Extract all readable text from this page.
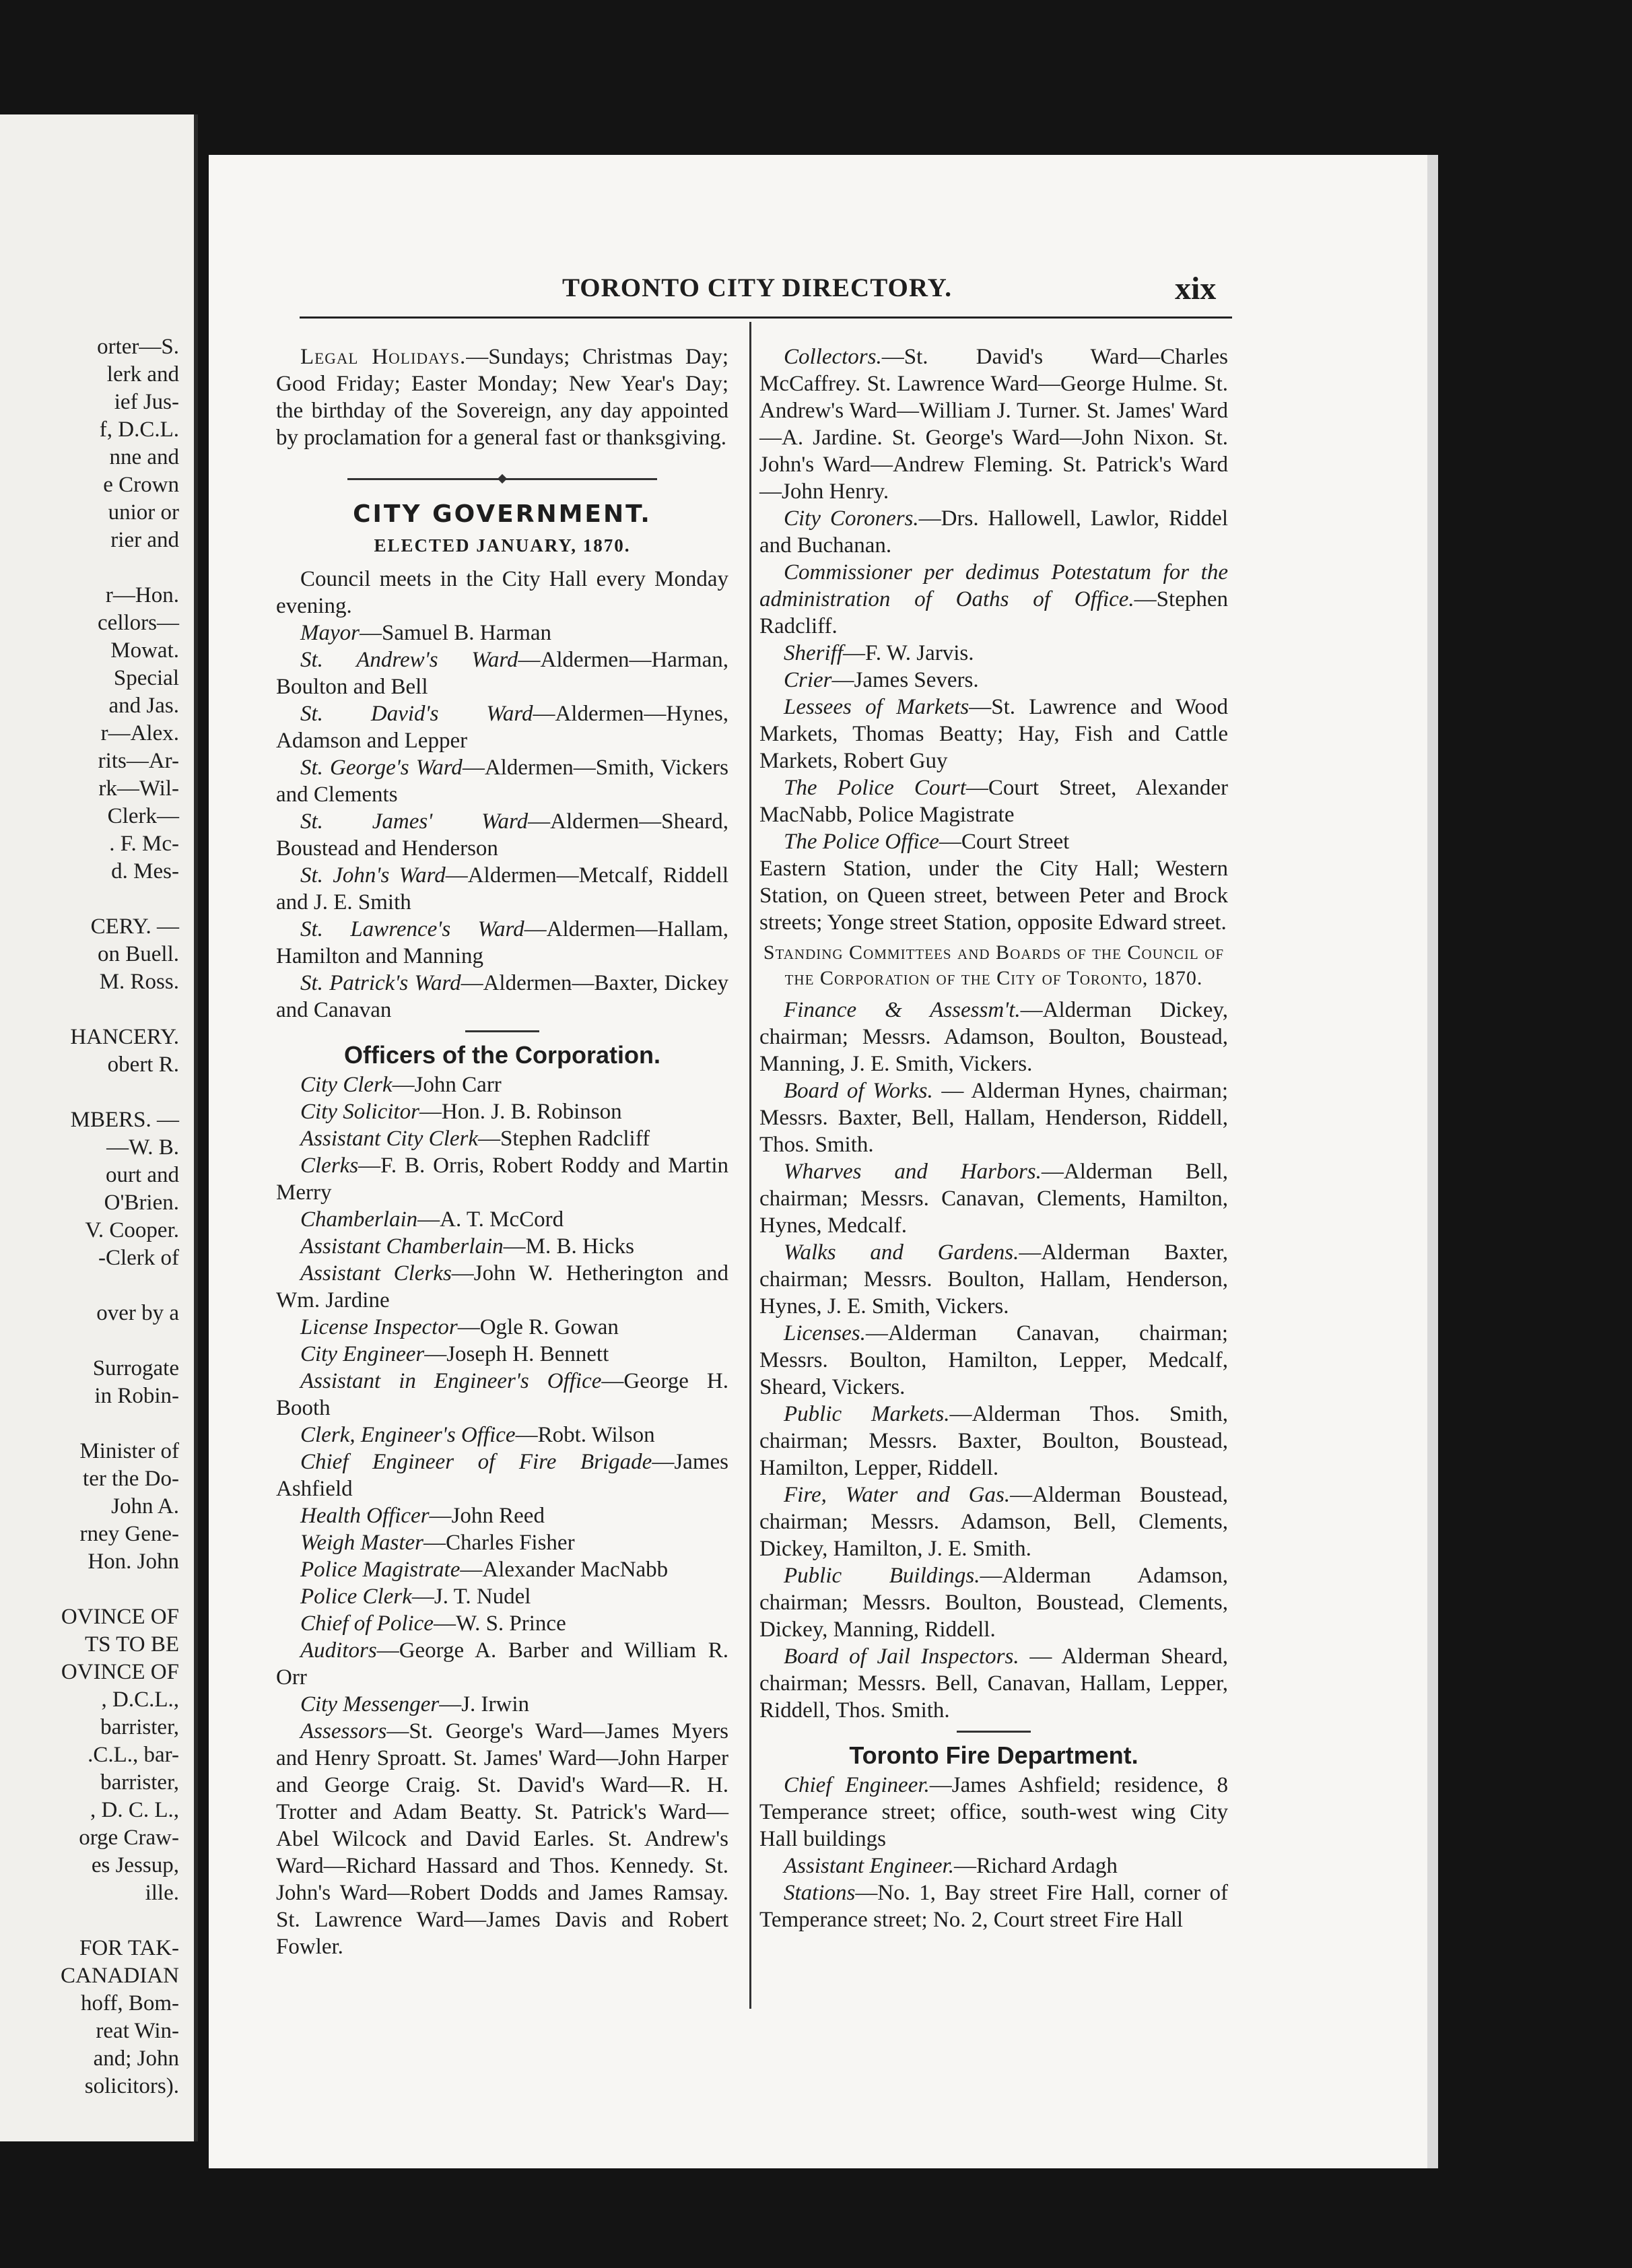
orter—S.
lerk and
ief Jus-
f, D.C.L.
nne and
e Crown
unior or
rier and
r—Hon.
cellors—
Mowat.
Special
and Jas.
r—Alex.
rits—Ar-
rk—Wil-
Clerk—
. F. Mc-
d. Mes-
CERY. —
on Buell.
M. Ross.
HANCERY.
obert R.
MBERS. —
—W. B.
ourt and
O'Brien.
V. Cooper.
-Clerk of
over by a
Surrogate
in Robin-
Minister of
ter the Do-
John A.
rney Gene-
Hon. John
OVINCE OF
TS TO BE
OVINCE OF
, D.C.L.,
barrister,
.C.L., bar-
barrister,
, D. C. L.,
orge Craw-
es Jessup,
ille.
FOR TAK-
CANADIAN
hoff, Bom-
reat Win-
and; John
solicitors).
TORONTO CITY DIRECTORY.	xix

Legal Holidays.—Sundays; Christmas Day; Good Friday; Easter Monday; New Year's Day; the birthday of the Sovereign, any day appointed by proclamation for a general fast or thanksgiving.

CITY GOVERNMENT.
ELECTED JANUARY, 1870.

Council meets in the City Hall every Monday evening.

Mayor—Samuel B. Harman

St. Andrew's Ward—Aldermen—Harman, Boulton and Bell

St. David's Ward—Aldermen—Hynes, Adamson and Lepper

St. George's Ward—Aldermen—Smith, Vickers and Clements

St. James' Ward—Aldermen—Sheard, Boustead and Henderson

St. John's Ward—Aldermen—Metcalf, Riddell and J. E. Smith

St. Lawrence's Ward—Aldermen—Hallam, Hamilton and Manning

St. Patrick's Ward—Aldermen—Baxter, Dickey and Canavan

Officers of the Corporation.

City Clerk—John Carr

City Solicitor—Hon. J. B. Robinson

Assistant City Clerk—Stephen Radcliff

Clerks—F. B. Orris, Robert Roddy and Martin Merry

Chamberlain—A. T. McCord

Assistant Chamberlain—M. B. Hicks

Assistant Clerks—John W. Hetherington and Wm. Jardine

License Inspector—Ogle R. Gowan

City Engineer—Joseph H. Bennett

Assistant in Engineer's Office—George H. Booth

Clerk, Engineer's Office—Robt. Wilson

Chief Engineer of Fire Brigade—James Ashfield

Health Officer—John Reed

Weigh Master—Charles Fisher

Police Magistrate—Alexander MacNabb

Police Clerk—J. T. Nudel

Chief of Police—W. S. Prince

Auditors—George A. Barber and William R. Orr

City Messenger—J. Irwin

Assessors—St. George's Ward—James Myers and Henry Sproatt. St. James' Ward—John Harper and George Craig. St. David's Ward—R. H. Trotter and Adam Beatty. St. Patrick's Ward—Abel Wilcock and David Earles. St. Andrew's Ward—Richard Hassard and Thos. Kennedy. St. John's Ward—Robert Dodds and James Ramsay. St. Lawrence Ward—James Davis and Robert Fowler.

Collectors.—St. David's Ward—Charles McCaffrey. St. Lawrence Ward—George Hulme. St. Andrew's Ward—William J. Turner. St. James' Ward—A. Jardine. St. George's Ward—John Nixon. St. John's Ward—Andrew Fleming. St. Patrick's Ward—John Henry.

City Coroners.—Drs. Hallowell, Lawlor, Riddel and Buchanan.

Commissioner per dedimus Potestatum for the administration of Oaths of Office.—Stephen Radcliff.

Sheriff—F. W. Jarvis.

Crier—James Severs.

Lessees of Markets—St. Lawrence and Wood Markets, Thomas Beatty; Hay, Fish and Cattle Markets, Robert Guy

The Police Court—Court Street, Alexander MacNabb, Police Magistrate

The Police Office—Court Street

Eastern Station, under the City Hall; Western Station, on Queen street, between Peter and Brock streets; Yonge street Station, opposite Edward street.

Standing Committees and Boards of the Council of the Corporation of the City of Toronto, 1870.

Finance & Assessm't.—Alderman Dickey, chairman; Messrs. Adamson, Boulton, Boustead, Manning, J. E. Smith, Vickers.

Board of Works. — Alderman Hynes, chairman; Messrs. Baxter, Bell, Hallam, Henderson, Riddell, Thos. Smith.

Wharves and Harbors.—Alderman Bell, chairman; Messrs. Canavan, Clements, Hamilton, Hynes, Medcalf.

Walks and Gardens.—Alderman Baxter, chairman; Messrs. Boulton, Hallam, Henderson, Hynes, J. E. Smith, Vickers.

Licenses.—Alderman Canavan, chairman; Messrs. Boulton, Hamilton, Lepper, Medcalf, Sheard, Vickers.

Public Markets.—Alderman Thos. Smith, chairman; Messrs. Baxter, Boulton, Boustead, Hamilton, Lepper, Riddell.

Fire, Water and Gas.—Alderman Boustead, chairman; Messrs. Adamson, Bell, Clements, Dickey, Hamilton, J. E. Smith.

Public Buildings.—Alderman Adamson, chairman; Messrs. Boulton, Boustead, Clements, Dickey, Manning, Riddell.

Board of Jail Inspectors. — Alderman Sheard, chairman; Messrs. Bell, Canavan, Hallam, Lepper, Riddell, Thos. Smith.

Toronto Fire Department.

Chief Engineer.—James Ashfield; residence, 8 Temperance street; office, south-west wing City Hall buildings

Assistant Engineer.—Richard Ardagh

Stations—No. 1, Bay street Fire Hall, corner of Temperance street; No. 2, Court street Fire Hall
